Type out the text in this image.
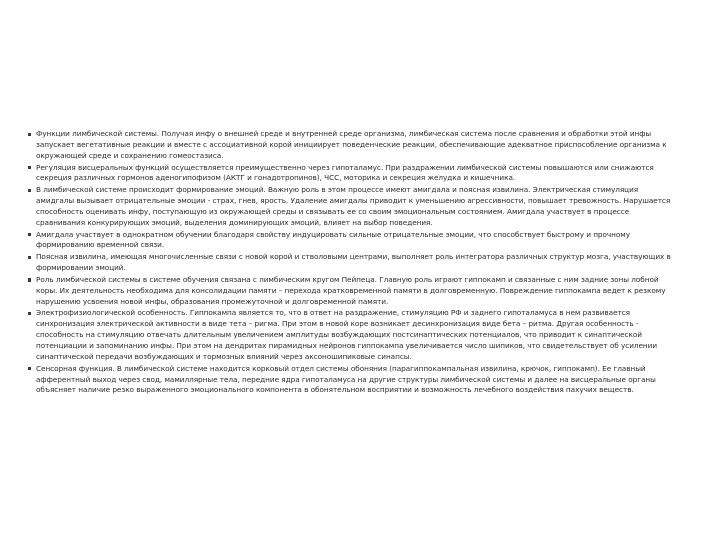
Функции лимбической системы. Получая инфу о внешней среде и внутренней среде организма, лимбическая система после сравнения и обработки этой инфы запускает вегетативные реакции и вместе с ассоциативной корой инициирует поведенческие реакции, обеспечивающие адекватное приспособление организма к окружающей среде и сохранению гомеостазиса.
Регуляция висцеральных функций осуществляется преимущественно через гипоталамус. При раздражении лимбической системы повышаются или снижаются секреция различных гормонов аденогипофизом (АКТГ и гонадотропинов), ЧСС, моторика и секреция желудка и кишечника.
В лимбической системе происходит формирование эмоций. Важную роль в этом процессе имеют амигдала и поясная извилина. Электрическая стимуляция амидгалы вызывает отрицательные эмоции - страх, гнев, ярость. Удаление амигдалы приводит к уменьшению агрессивности, повышает тревожность. Нарушается способность оценивать инфу, поступающую из окружающей среды и связывать ее со своим эмоциональным состоянием. Амигдала участвует в процессе сравнивания конкурирующих эмоций, выделения доминирующих эмоций, влияет на выбор поведения.
Амигдала участвует в однократном обучении благодаря свойству индуцировать сильные отрицательные эмоции, что способствует быстрому и прочному формированию временной связи.
Поясная извилина, имеющая многочисленные связи с новой корой и стволовыми центрами, выполняет роль интегратора различных структур мозга, участвующих в формировании эмоций.
Роль лимбической системы в системе обучения связана с лимбическим кругом Пейпеца. Главную роль играют гиппокамп и связанные с ним задние зоны лобной коры. Их деятельность необходима для консолидации памяти – перехода кратковременной памяти в долговременную. Повреждение гиппокампа ведет к резкому нарушению усвоения новой инфы, образования промежуточной и долговременной памяти.
Электрофизиологической особенность. Гиппокампа является то, что в ответ на раздражение, стимуляцию РФ и заднего гипоталамуса в нем развивается синхронизация электрической активности в виде тета – ригма. При этом в новой коре возникает десинхронизация виде бета – ритма. Другая особенность - способность на стимуляцию отвечать длительным увеличением амплитуды возбуждающих постсинаптических потенциалов, что приводит к синаптической потенциации и запоминанию инфы. При этом на дендритах пирамидных нейронов гиппокампа увеличивается число шипиков, что свидетельствует об усилении синаптической передачи возбуждающих и тормозных влияний через аксоношипиковые синапсы.
Сенсорная функция. В лимбической системе находится корковый отдел системы обоняния (парагиппокампальная извилина, крючок, гиппокамп). Ее главный афферентный выход через свод, мамиллярные тела, передние ядра гипоталамуса на другие структуры лимбической системы и далее на висцеральные органы объясняет наличие резко выраженного эмоционального компонента в обонятельном восприятии и возможность лечебного воздействия пахучих веществ.
